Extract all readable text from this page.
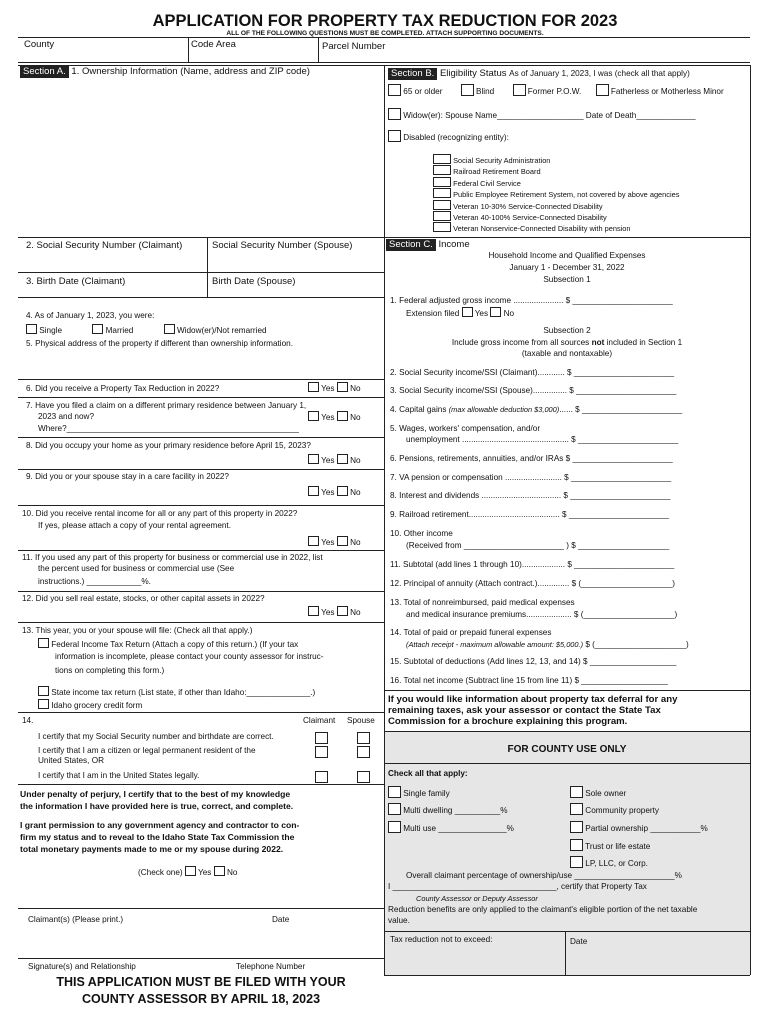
APPLICATION FOR PROPERTY TAX REDUCTION FOR 2023
ALL OF THE FOLLOWING QUESTIONS MUST BE COMPLETED. ATTACH SUPPORTING DOCUMENTS.
County	Code Area	Parcel Number
Section A. 1. Ownership Information (Name, address and ZIP code)
2. Social Security Number (Claimant)	Social Security Number (Spouse)
3. Birth Date (Claimant)	Birth Date (Spouse)
4. As of January 1, 2023, you were:
Single	Married	Widow(er)/Not remarried
5. Physical address of the property if different than ownership information.
6. Did you receive a Property Tax Reduction in 2022?	Yes No
7. Have you filed a claim on a different primary residence between January 1,
2023 and now?	Yes No
Where?___________________________________________________
8. Did you occupy your home as your primary residence before April 15, 2023?
Yes No
9. Did you or your spouse stay in a care facility in 2022?
Yes No
10. Did you receive rental income for all or any part of this property in 2022?
If yes, please attach a copy of your rental agreement.
Yes No
11. If you used any part of this property for business or commercial use in 2022, list
the percent used for business or commercial use (See
instructions.) ____________%.
12. Did you sell real estate, stocks, or other capital assets in 2022?
Yes No
13. This year, you or your spouse will file: (Check all that apply.)
Federal Income Tax Return (Attach a copy of this return.) (If your tax
information is incomplete, please contact your county assessor for instruc-
tions on completing this form.)
State income tax return (List state, if other than Idaho:______________.)
Idaho grocery credit form
14.	Claimant Spouse
I certify that my Social Security number and birthdate are correct.
I certify that I am a citizen or legal permanent resident of the
United States, OR
I certify that I am in the United States legally.
Under penalty of perjury, I certify that to the best of my knowledge
the information I have provided here is true, correct, and complete.
I grant permission to any government agency and contractor to con-
firm my status and to reveal to the Idaho State Tax Commission the
total monetary payments made to me or my spouse during 2022.
(Check one) Yes No
Claimant(s) (Please print.)	Date
Signature(s) and Relationship	Telephone Number
THIS APPLICATION MUST BE FILED WITH YOUR
COUNTY ASSESSOR BY APRIL 18, 2023
Section B. Eligibility Status As of January 1, 2023, I was (check all that apply)
65 or older	Blind	Former P.O.W.	Fatherless or Motherless Minor
Widow(er): Spouse Name___________________ Date of Death_____________
Disabled (recognizing entity):
Social Security Administration
Railroad Retirement Board
Federal Civil Service
Public Employee Retirement System, not covered by above agencies
Veteran 10-30% Service-Connected Disability
Veteran 40-100% Service-Connected Disability
Veteran Nonservice-Connected Disability with pension
Section C. Income
Household Income and Qualified Expenses
January 1 - December 31, 2022
Subsection 1
1. Federal adjusted gross income ...................... $ ______________________
Extension filed Yes No
Subsection 2
Include gross income from all sources not included in Section 1
(taxable and nontaxable)
2. Social Security income/SSI (Claimant)............ $ ______________________
3. Social Security income/SSI (Spouse)............... $ ______________________
4. Capital gains (max allowable deduction $3,000)...... $ ______________________
5. Wages, workers' compensation, and/or
unemployment ............................................... $ ______________________
6. Pensions, retirements, annuities, and/or IRAs $ ______________________
7. VA pension or compensation ......................... $ ______________________
8. Interest and dividends ................................... $ ______________________
9. Railroad retirement........................................ $ ______________________
10. Other income
(Received from ______________________ ) $ ____________________
11. Subtotal (add lines 1 through 10)................... $ ______________________
12. Principal of annuity (Attach contract.).............. $ (____________________)
13. Total of nonreimbursed, paid medical expenses
and medical insurance premiums.................... $ (____________________)
14. Total of paid or prepaid funeral expenses
(Attach receipt - maximum allowable amount: $5,000.) $ (____________________)
15. Subtotal of deductions (Add lines 12, 13, and 14) $ ___________________
16. Total net income (Subtract line 15 from line 11) $ ___________________
If you would like information about property tax deferral for any
remaining taxes, ask your assessor or contact the State Tax
Commission for a brochure explaining this program.
FOR COUNTY USE ONLY
Check all that apply:
Single family
Multi dwelling __________%
Multi use _______________%
Sole owner
Community property
Partial ownership ___________%
Trust or life estate
LP, LLC, or Corp.
Overall claimant percentage of ownership/use ______________________%
I ____________________________________, certify that Property Tax
County Assessor or Deputy Assessor
Reduction benefits are only applied to the claimant's eligible portion of the net taxable
value.
Tax reduction not to exceed:	Date
